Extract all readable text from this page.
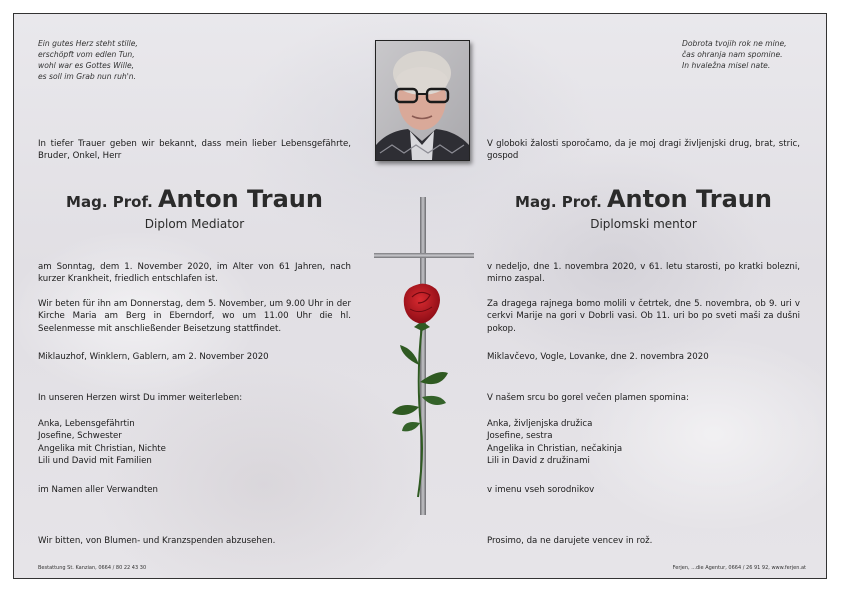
Ein gutes Herz steht stille,
erschöpft vom edlen Tun,
wohl war es Gottes Wille,
es soll im Grab nun ruh'n.
Dobrota tvojih rok ne mine,
čas ohranja nam spomine.
In hvaležna misel nate.
In tiefer Trauer geben wir bekannt, dass mein lieber Lebensgefährte, Bruder, Onkel, Herr
Mag. Prof. Anton Traun
Diplom Mediator
am Sonntag, dem 1. November 2020, im Alter von 61 Jahren, nach kurzer Krankheit, friedlich entschlafen ist.
Wir beten für ihn am Donnerstag, dem 5. November, um 9.00 Uhr in der Kirche Maria am Berg in Eberndorf, wo um 11.00 Uhr die hl. Seelenmesse mit anschließender Beisetzung stattfindet.
Miklauzhof, Winklern, Gablern, am 2. November 2020
In unseren Herzen wirst Du immer weiterleben:
Anka, Lebensgefährtin
Josefine, Schwester
Angelika mit Christian, Nichte
Lili und David mit Familien
im Namen aller Verwandten
Wir bitten, von Blumen- und Kranzspenden abzusehen.
Bestattung St. Kanzian, 0664 / 80 22 43 30
V globoki žalosti sporočamo, da je moj dragi življenjski drug, brat, stric, gospod
Mag. Prof. Anton Traun
Diplomski mentor
v nedeljo, dne 1. novembra 2020, v 61. letu starosti, po kratki bolezni, mirno zaspal.
Za dragega rajnega bomo molili v četrtek, dne 5. novembra, ob 9. uri v cerkvi Marije na gori v Dobrli vasi. Ob 11. uri bo po sveti maši za dušni pokop.
Miklavčevo, Vogle, Lovanke, dne 2. novembra 2020
V našem srcu bo gorel večen plamen spomina:
Anka, življenjska družica
Josefine, sestra
Angelika in Christian, nečakinja
Lili in David z družinami
v imenu vseh sorodnikov
Prosimo, da ne darujete vencev in rož.
Ferjen, ...die Agentur, 0664 / 26 91 92, www.ferjen.at
